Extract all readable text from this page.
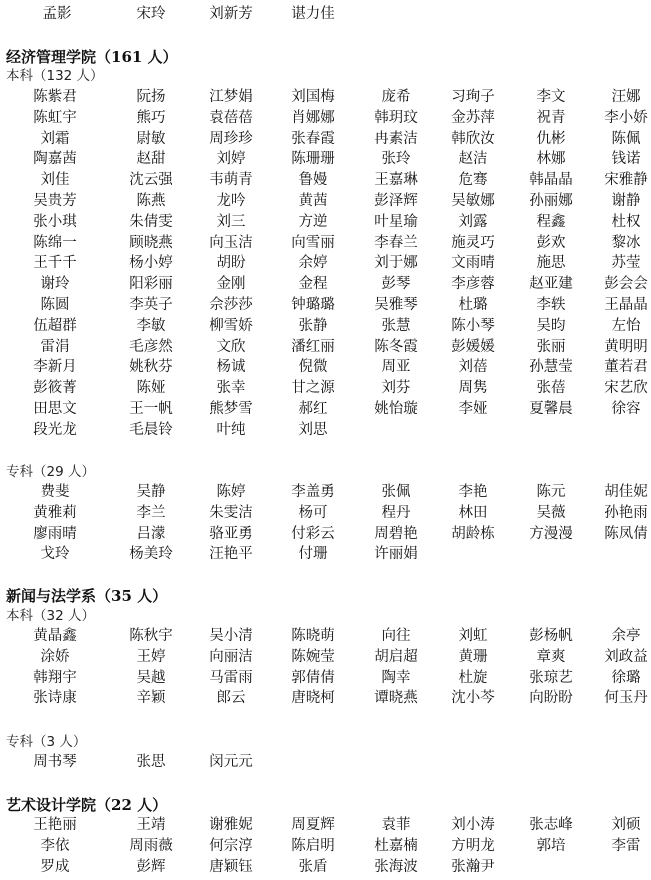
孟影	宋玲	刘新芳	谌力佳
经济管理学院（161 人）
本科（132 人）
陈紫君	阮扬	江梦娟	刘国梅	庞希	习珣子	李文	汪娜
陈虹宇	熊巧	袁蓓蓓	肖娜娜	韩玥玟	金苏萍	祝青	李小娇
刘霜	尉敏	周珍珍	张春霞	冉素洁	韩欣汝	仇彬	陈佩
陶嘉茜	赵甜	刘婷	陈珊珊	张玲	赵洁	林娜	钱诺
刘佳	沈云强	韦萌青	鲁嫚	王嘉琳	危骞	韩晶晶	宋雅静
吴贵芳	陈燕	龙吟	黄茜	彭泽辉	吴敏娜	孙丽娜	谢静
张小琪	朱倩雯	刘三	方逆	叶星瑜	刘露	程鑫	杜权
陈绵一	顾晓燕	向玉洁	向雪丽	李春兰	施灵巧	彭欢	黎冰
王千千	杨小婷	胡盼	余婷	刘于娜	文雨晴	施思	苏莹
谢玲	阳彩丽	金刚	金程	彭琴	李彦蓉	赵亚建	彭会会
陈圆	李英子	佘莎莎	钟璐璐	吴雅琴	杜璐	李轶	王晶晶
伍超群	李敏	柳雪娇	张静	张慧	陈小琴	吴昀	左怡
雷涓	毛彦然	文欣	潘红丽	陈冬霞	彭媛媛	张丽	黄明明
李新月	姚秋芬	杨诚	倪微	周亚	刘蓓	孙慧莹	董若君
彭筱菁	陈娅	张幸	甘之源	刘芬	周隽	张蓓	宋艺欣
田思文	王一帆	熊梦雪	郝红	姚怡璇	李娅	夏馨晨	徐容
段光龙	毛晨铃	叶纯	刘思
专科（29 人）
费斐	吴静	陈婷	李盖勇	张佩	李艳	陈元	胡佳妮
黄雅莉	李兰	朱雯洁	杨可	程丹	林田	吴薇	孙艳雨
廖雨晴	吕濛	骆亚勇	付彩云	周碧艳	胡龄栋	方漫漫	陈凤倩
戈玲	杨美玲	汪艳平	付珊	许丽娟
新闻与法学系（35 人）
本科（32 人）
黄晶鑫	陈秋宇	吴小清	陈晓萌	向往	刘虹	彭杨帆	余亭
涂娇	王婷	向丽洁	陈婉莹	胡启超	黄珊	章爽	刘政益
韩翔宇	吴越	马雷雨	郭倩倩	陶幸	杜旋	张琼艺	徐璐
张诗康	辛颖	郎云	唐晓柯	谭晓燕	沈小芩	向盼盼	何玉丹
专科（3 人）
周书琴	张思	闵元元
艺术设计学院（22 人）
王艳丽	王靖	谢雅妮	周夏辉	袁菲	刘小涛	张志峰	刘硕
李依	周雨薇	何宗淳	陈启明	杜嘉楠	方明龙	郭培	李雷
罗成	彭辉	唐颖钰	张盾	张海波	张瀚尹
